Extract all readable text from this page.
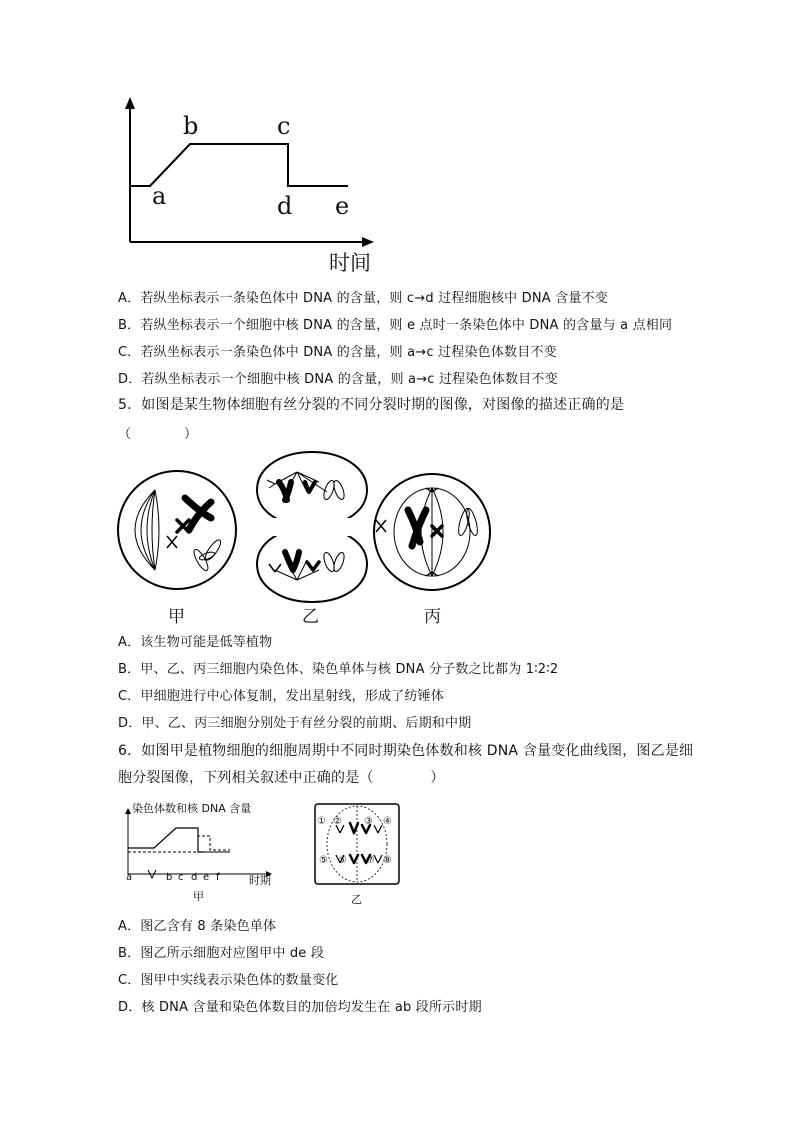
b	c
a	d e
时间
A．若纵坐标表示一条染色体中 DNA 的含量，则 c→d 过程细胞核中 DNA 含量不变
B．若纵坐标表示一个细胞中核 DNA 的含量，则 e 点时一条染色体中 DNA 的含量与 a 点相同
C．若纵坐标表示一条染色体中 DNA 的含量，则 a→c 过程染色体数目不变
D．若纵坐标表示一个细胞中核 DNA 的含量，则 a→c 过程染色体数目不变
5．如图是某生物体细胞有丝分裂的不同分裂时期的图像，对图像的描述正确的是
（　　　　）
甲	乙	丙
A．该生物可能是低等植物
B．甲、乙、丙三细胞内染色体、染色单体与核 DNA 分子数之比都为 1∶2∶2
C．甲细胞进行中心体复制，发出星射线，形成了纺锤体
D．甲、乙、丙三细胞分别处于有丝分裂的前期、后期和中期
6．如图甲是植物细胞的细胞周期中不同时期染色体数和核 DNA 含量变化曲线图，图乙是细
胞分裂图像，下列相关叙述中正确的是（　　　　）
染色体数和核 DNA 含量
a	b c d e f	时期
甲
① ② ③ ④
⑤ ⑥ ⑦ ⑧
乙
A．图乙含有 8 条染色单体
B．图乙所示细胞对应图甲中 de 段
C．图甲中实线表示染色体的数量变化
D．核 DNA 含量和染色体数目的加倍均发生在 ab 段所示时期
